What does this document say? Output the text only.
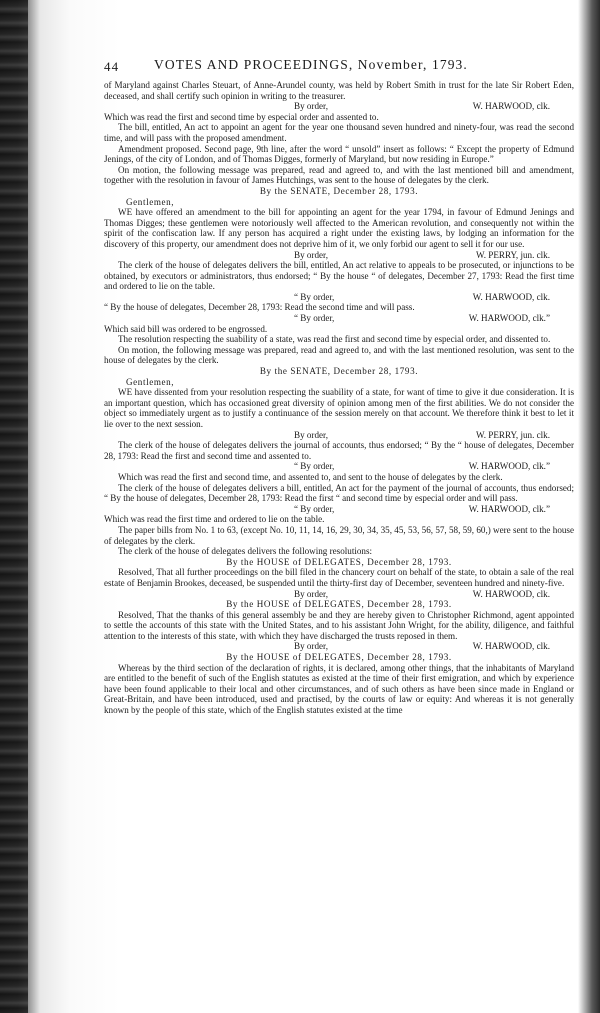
44	VOTES AND PROCEEDINGS, November, 1793.

of Maryland against Charles Steuart, of Anne-Arundel county, was held by Robert Smith in trust for the late Sir Robert Eden, deceased, and shall certify such opinion in writing to the treasurer.

By order,	W. HARWOOD, clk.

Which was read the first and second time by especial order and assented to.

The bill, entitled, An act to appoint an agent for the year one thousand seven hundred and ninety-four, was read the second time, and will pass with the proposed amendment.

Amendment proposed. Second page, 9th line, after the word “ unsold” insert as follows: “ Except the property of Edmund Jenings, of the city of London, and of Thomas Digges, formerly of Maryland, but now residing in Europe.”

On motion, the following message was prepared, read and agreed to, and with the last mentioned bill and amendment, together with the resolution in favour of James Hutchings, was sent to the house of delegates by the clerk.

By the SENATE, December 28, 1793.

Gentlemen,

WE have offered an amendment to the bill for appointing an agent for the year 1794, in favour of Edmund Jenings and Thomas Digges; these gentlemen were notoriously well affected to the American revolution, and consequently not within the spirit of the confiscation law. If any person has acquired a right under the existing laws, by lodging an information for the discovery of this property, our amendment does not deprive him of it, we only forbid our agent to sell it for our use.

By order,	W. PERRY, jun. clk.

The clerk of the house of delegates delivers the bill, entitled, An act relative to appeals to be prosecuted, or injunctions to be obtained, by executors or administrators, thus endorsed; “ By the house “ of delegates, December 27, 1793: Read the first time and ordered to lie on the table.

“ By order,	W. HARWOOD, clk.

“ By the house of delegates, December 28, 1793: Read the second time and will pass.

“ By order,	W. HARWOOD, clk.”

Which said bill was ordered to be engrossed.

The resolution respecting the suability of a state, was read the first and second time by especial order, and dissented to.

On motion, the following message was prepared, read and agreed to, and with the last mentioned resolution, was sent to the house of delegates by the clerk.

By the SENATE, December 28, 1793.

Gentlemen,

WE have dissented from your resolution respecting the suability of a state, for want of time to give it due consideration. It is an important question, which has occasioned great diversity of opinion among men of the first abilities. We do not consider the object so immediately urgent as to justify a continuance of the session merely on that account. We therefore think it best to let it lie over to the next session.

By order,	W. PERRY, jun. clk.

The clerk of the house of delegates delivers the journal of accounts, thus endorsed; “ By the “ house of delegates, December 28, 1793: Read the first and second time and assented to.

“ By order,	W. HARWOOD, clk.”

Which was read the first and second time, and assented to, and sent to the house of delegates by the clerk.

The clerk of the house of delegates delivers a bill, entitled, An act for the payment of the journal of accounts, thus endorsed; “ By the house of delegates, December 28, 1793: Read the first “ and second time by especial order and will pass.

“ By order,	W. HARWOOD, clk.”

Which was read the first time and ordered to lie on the table.

The paper bills from No. 1 to 63, (except No. 10, 11, 14, 16, 29, 30, 34, 35, 45, 53, 56, 57, 58, 59, 60,) were sent to the house of delegates by the clerk.

The clerk of the house of delegates delivers the following resolutions:

By the HOUSE of DELEGATES, December 28, 1793.

Resolved, That all further proceedings on the bill filed in the chancery court on behalf of the state, to obtain a sale of the real estate of Benjamin Brookes, deceased, be suspended until the thirty-first day of December, seventeen hundred and ninety-five.

By order,	W. HARWOOD, clk.

By the HOUSE of DELEGATES, December 28, 1793.

Resolved, That the thanks of this general assembly be and they are hereby given to Christopher Richmond, agent appointed to settle the accounts of this state with the United States, and to his assistant John Wright, for the ability, diligence, and faithful attention to the interests of this state, with which they have discharged the trusts reposed in them.

By order,	W. HARWOOD, clk.

By the HOUSE of DELEGATES, December 28, 1793.

Whereas by the third section of the declaration of rights, it is declared, among other things, that the inhabitants of Maryland are entitled to the benefit of such of the English statutes as existed at the time of their first emigration, and which by experience have been found applicable to their local and other circumstances, and of such others as have been since made in England or Great-Britain, and have been introduced, used and practised, by the courts of law or equity: And whereas it is not generally known by the people of this state, which of the English statutes existed at the time
